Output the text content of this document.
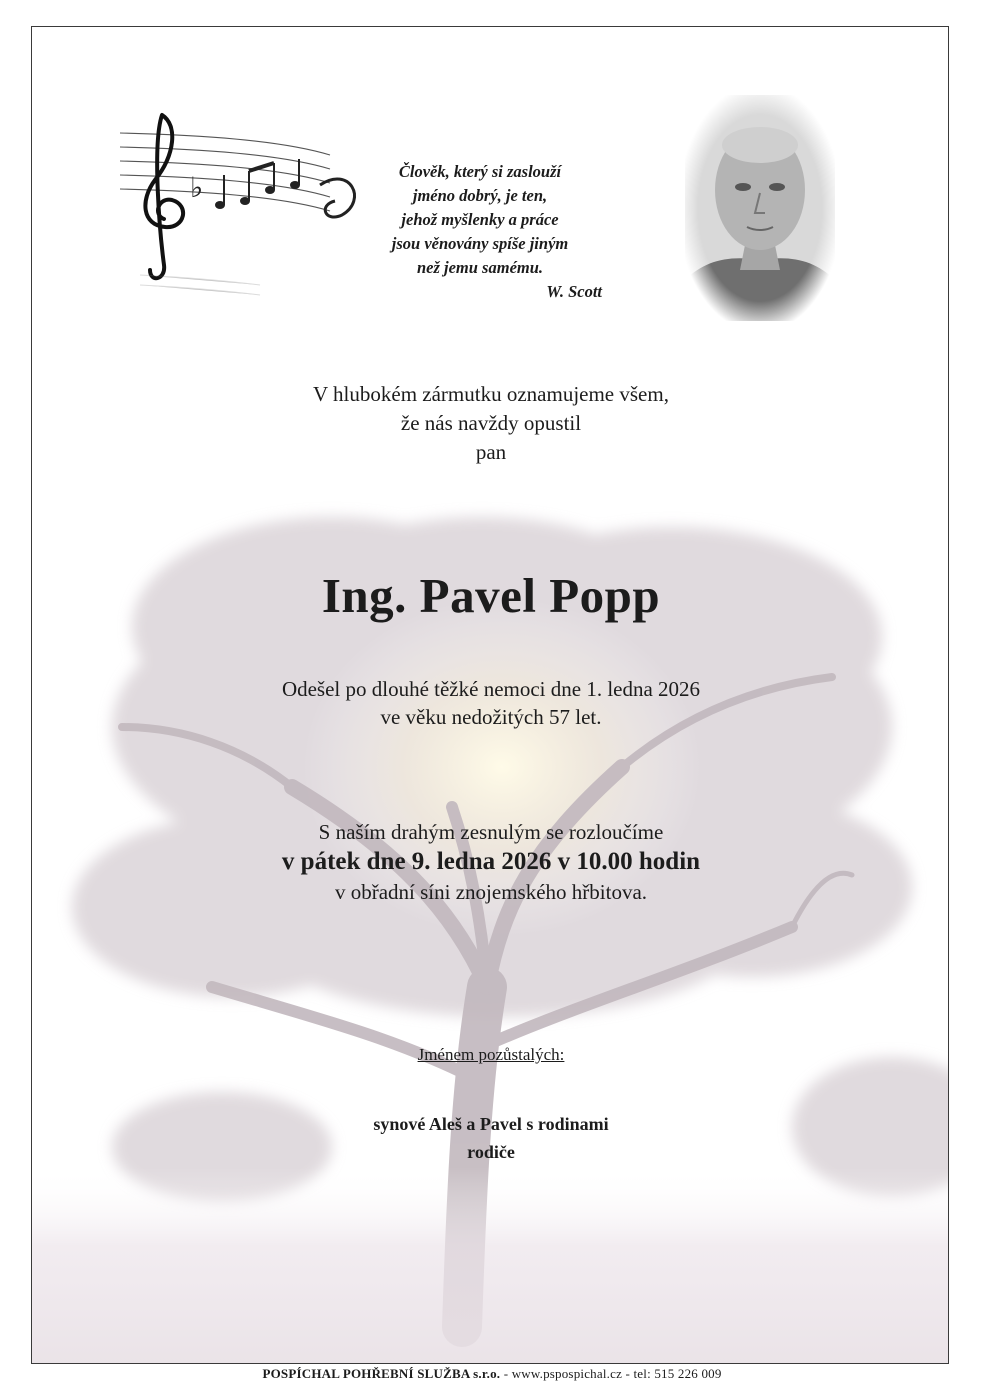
♭	Člověk, který si zaslouží
jméno dobrý, je ten,
jehož myšlenky a práce
jsou věnovány spíše jiným
než jemu samému.
W. Scott
V hlubokém zármutku oznamujeme všem,
že nás navždy opustil
pan
Ing. Pavel Popp
Odešel po dlouhé těžké nemoci dne 1. ledna 2026
ve věku nedožitých 57 let.
S naším drahým zesnulým se rozloučíme
v pátek dne 9. ledna 2026 v 10.00 hodin
v obřadní síni znojemského hřbitova.
Jménem pozůstalých:
synové Aleš a Pavel s rodinami
rodiče
POSPÍCHAL POHŘEBNÍ SLUŽBA s.r.o. - www.pspospichal.cz - tel: 515 226 009
